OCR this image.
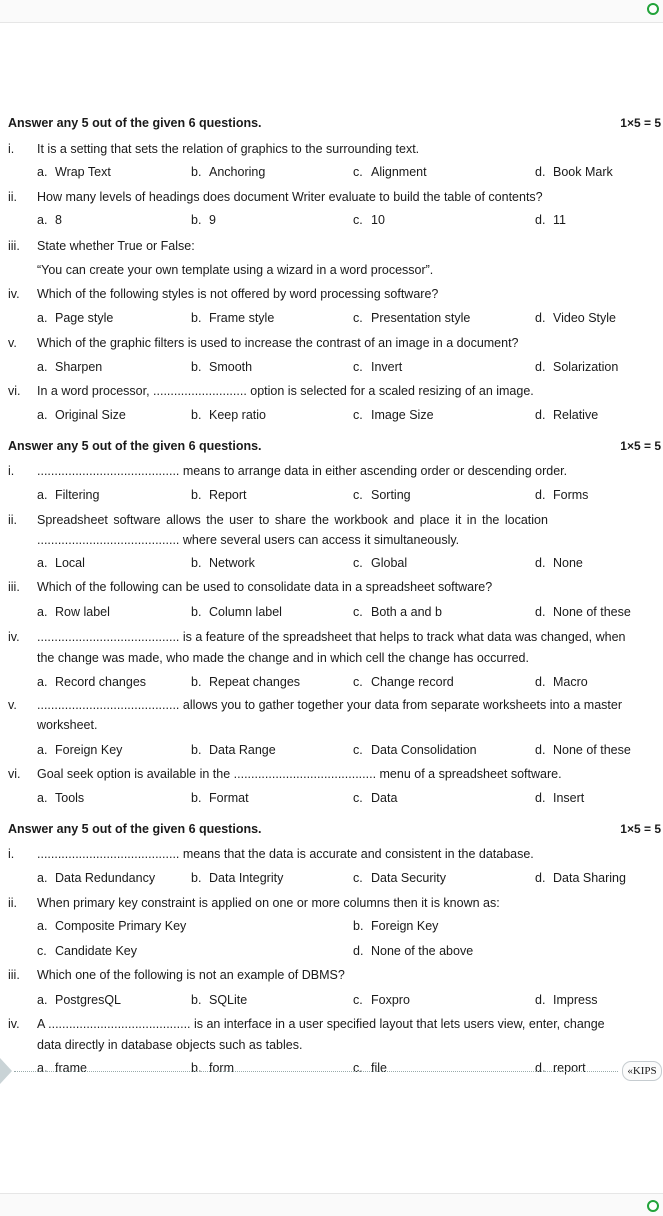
Answer any 5 out of the given 6 questions.	1×5 = 5
i. It is a setting that sets the relation of graphics to the surrounding text.
a. Wrap Text	b. Anchoring	c. Alignment	d. Book Mark
ii. How many levels of headings does document Writer evaluate to build the table of contents?
a. 8	b. 9	c. 10	d. 11
iii. State whether True or False:
“You can create your own template using a wizard in a word processor”.
iv. Which of the following styles is not offered by word processing software?
a. Page style	b. Frame style	c. Presentation style	d. Video Style
v. Which of the graphic filters is used to increase the contrast of an image in a document?
a. Sharpen	b. Smooth	c. Invert	d. Solarization
vi. In a word processor, ........................... option is selected for a scaled resizing of an image.
a. Original Size	b. Keep ratio	c. Image Size	d. Relative
Answer any 5 out of the given 6 questions.	1×5 = 5
i. ......................................... means to arrange data in either ascending order or descending order.
a. Filtering	b. Report	c. Sorting	d. Forms
ii. Spreadsheet software allows the user to share the workbook and place it in the location
......................................... where several users can access it simultaneously.
a. Local	b. Network	c. Global	d. None
iii. Which of the following can be used to consolidate data in a spreadsheet software?
a. Row label	b. Column label	c. Both a and b	d. None of these
iv. ......................................... is a feature of the spreadsheet that helps to track what data was changed, when
the change was made, who made the change and in which cell the change has occurred.
a. Record changes	b. Repeat changes	c. Change record	d. Macro
v. ......................................... allows you to gather together your data from separate worksheets into a master
worksheet.
a. Foreign Key	b. Data Range	c. Data Consolidation	d. None of these
vi. Goal seek option is available in the ......................................... menu of a spreadsheet software.
a. Tools	b. Format	c. Data	d. Insert
Answer any 5 out of the given 6 questions.	1×5 = 5
i. ......................................... means that the data is accurate and consistent in the database.
a. Data Redundancy	b. Data Integrity	c. Data Security	d. Data Sharing
ii. When primary key constraint is applied on one or more columns then it is known as:
a. Composite Primary Key	b. Foreign Key
c. Candidate Key	d. None of the above
iii. Which one of the following is not an example of DBMS?
a. PostgresQL	b. SQLite	c. Foxpro	d. Impress
iv. A ......................................... is an interface in a user specified layout that lets users view, enter, change
data directly in database objects such as tables.
a. frame	b. form	c. file	d. report	«KIPS
